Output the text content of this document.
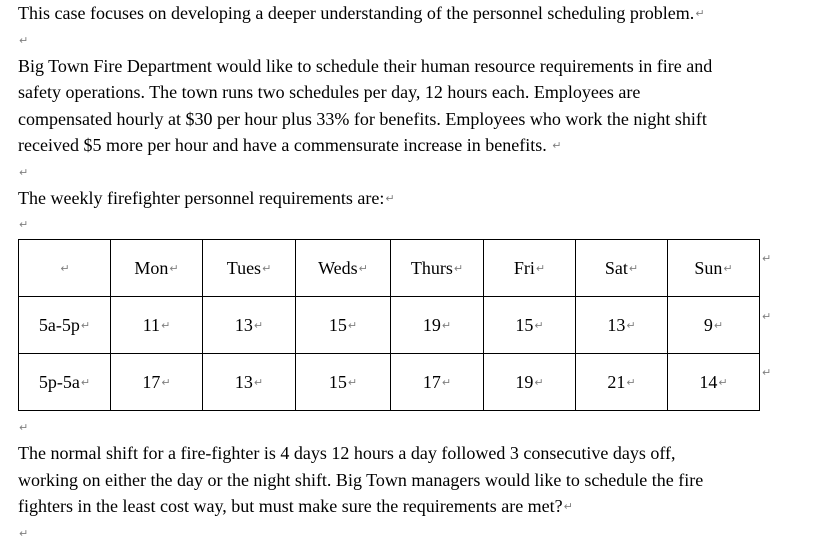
This case focuses on developing a deeper understanding of the personnel scheduling problem.↵
↵
Big Town Fire Department would like to schedule their human resource requirements in fire and
safety operations. The town runs two schedules per day, 12 hours each. Employees are
compensated hourly at $30 per hour plus 33% for benefits. Employees who work the night shift
received $5 more per hour and have a commensurate increase in benefits. ↵
↵
The weekly firefighter personnel requirements are:↵
↵
↵	Mon↵	Tues↵	Weds↵	Thurs↵	Fri↵	Sat↵	Sun↵
5a-5p↵	11↵	13↵	15↵	19↵	15↵	13↵	9↵
5p-5a↵	17↵	13↵	15↵	17↵	19↵	21↵	14↵
↵
↵
↵
↵
The normal shift for a fire-fighter is 4 days 12 hours a day followed 3 consecutive days off,
working on either the day or the night shift. Big Town managers would like to schedule the fire
fighters in the least cost way, but must make sure the requirements are met?↵
↵
